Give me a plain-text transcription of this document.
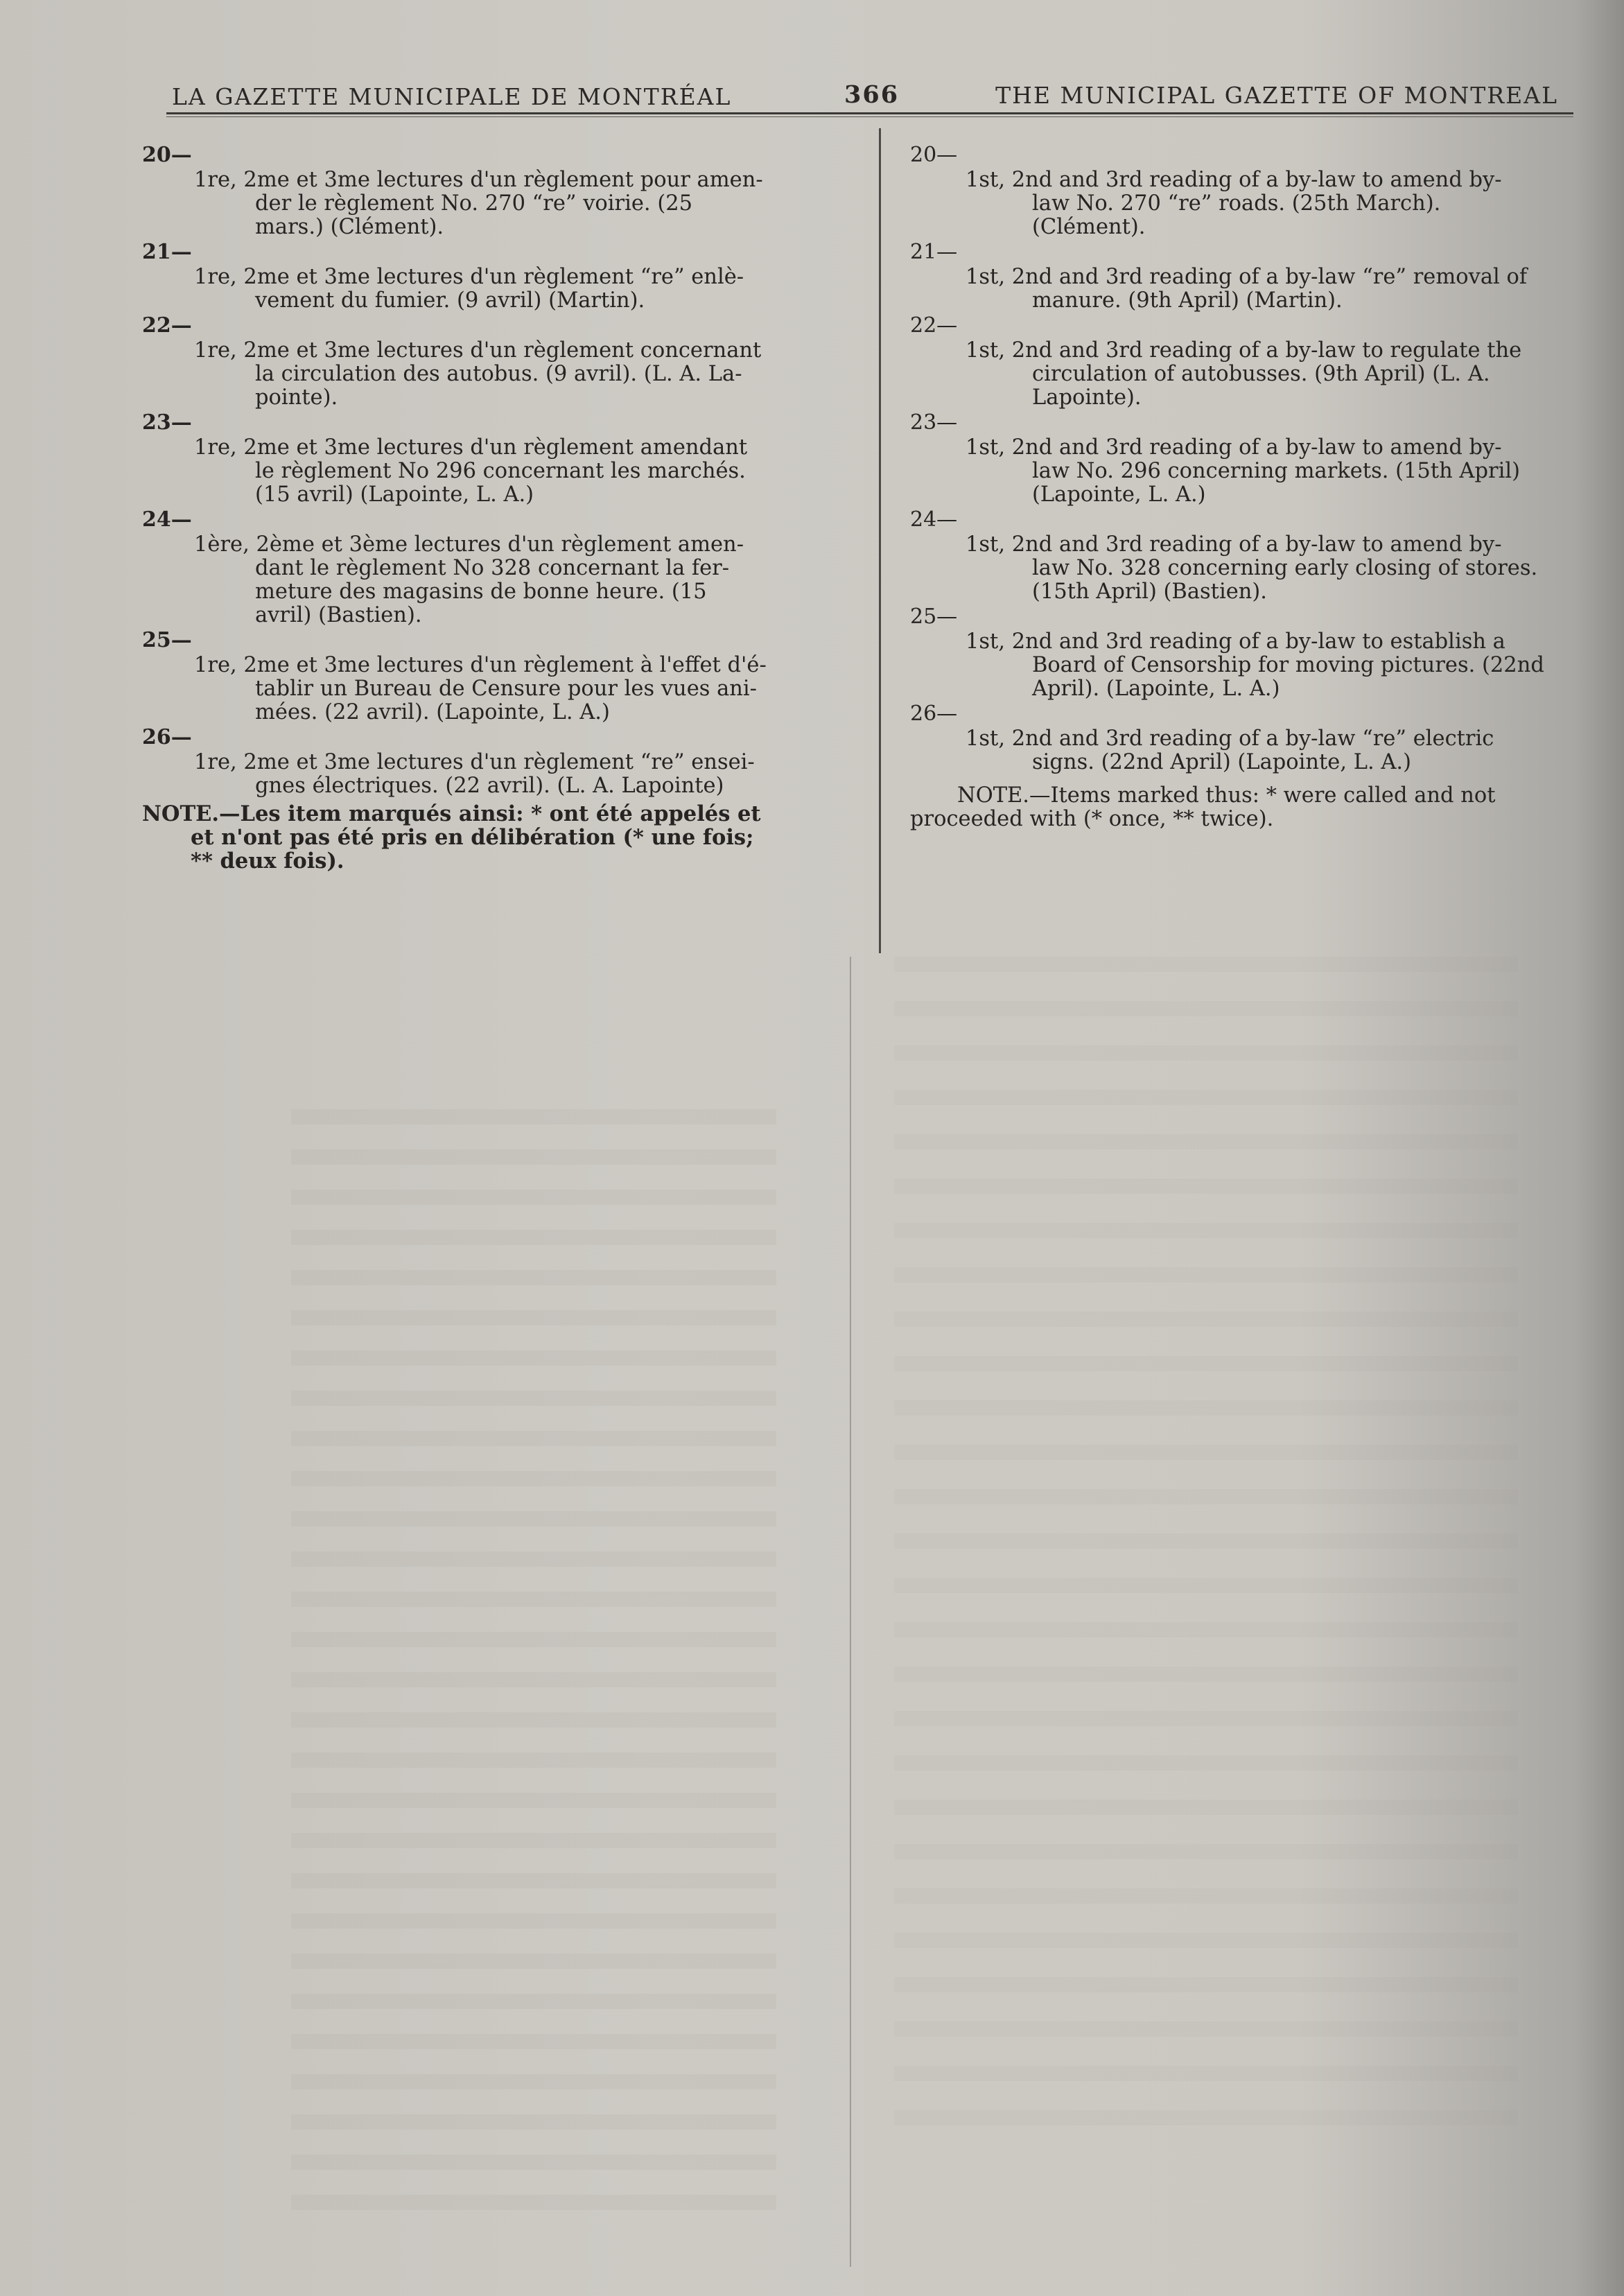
LA GAZETTE MUNICIPALE DE MONTRÉAL	366	THE MUNICIPAL GAZETTE OF MONTREAL
20—
1re, 2me et 3me lectures d'un règlement pour amen-
der le règlement No. 270 “re” voirie. (25
mars.) (Clément).
21—
1re, 2me et 3me lectures d'un règlement “re” enlè-
vement du fumier. (9 avril) (Martin).
22—
1re, 2me et 3me lectures d'un règlement concernant
la circulation des autobus. (9 avril). (L. A. La-
pointe).
23—
1re, 2me et 3me lectures d'un règlement amendant
le règlement No 296 concernant les marchés.
(15 avril) (Lapointe, L. A.)
24—
1ère, 2ème et 3ème lectures d'un règlement amen-
dant le règlement No 328 concernant la fer-
meture des magasins de bonne heure. (15
avril) (Bastien).
25—
1re, 2me et 3me lectures d'un règlement à l'effet d'é-
tablir un Bureau de Censure pour les vues ani-
mées. (22 avril). (Lapointe, L. A.)
26—
1re, 2me et 3me lectures d'un règlement “re” ensei-
gnes électriques. (22 avril). (L. A. Lapointe)
NOTE.—Les item marqués ainsi: * ont été appelés et
et n'ont pas été pris en délibération (* une fois;
** deux fois).
20—
1st, 2nd and 3rd reading of a by-law to amend by-
law No. 270 “re” roads. (25th March).
(Clément).
21—
1st, 2nd and 3rd reading of a by-law “re” removal of
manure. (9th April) (Martin).
22—
1st, 2nd and 3rd reading of a by-law to regulate the
circulation of autobusses. (9th April) (L. A.
Lapointe).
23—
1st, 2nd and 3rd reading of a by-law to amend by-
law No. 296 concerning markets. (15th April)
(Lapointe, L. A.)
24—
1st, 2nd and 3rd reading of a by-law to amend by-
law No. 328 concerning early closing of stores.
(15th April) (Bastien).
25—
1st, 2nd and 3rd reading of a by-law to establish a
Board of Censorship for moving pictures. (22nd
April). (Lapointe, L. A.)
26—
1st, 2nd and 3rd reading of a by-law “re” electric
signs. (22nd April) (Lapointe, L. A.)
NOTE.—Items marked thus: * were called and not
proceeded with (* once, ** twice).
